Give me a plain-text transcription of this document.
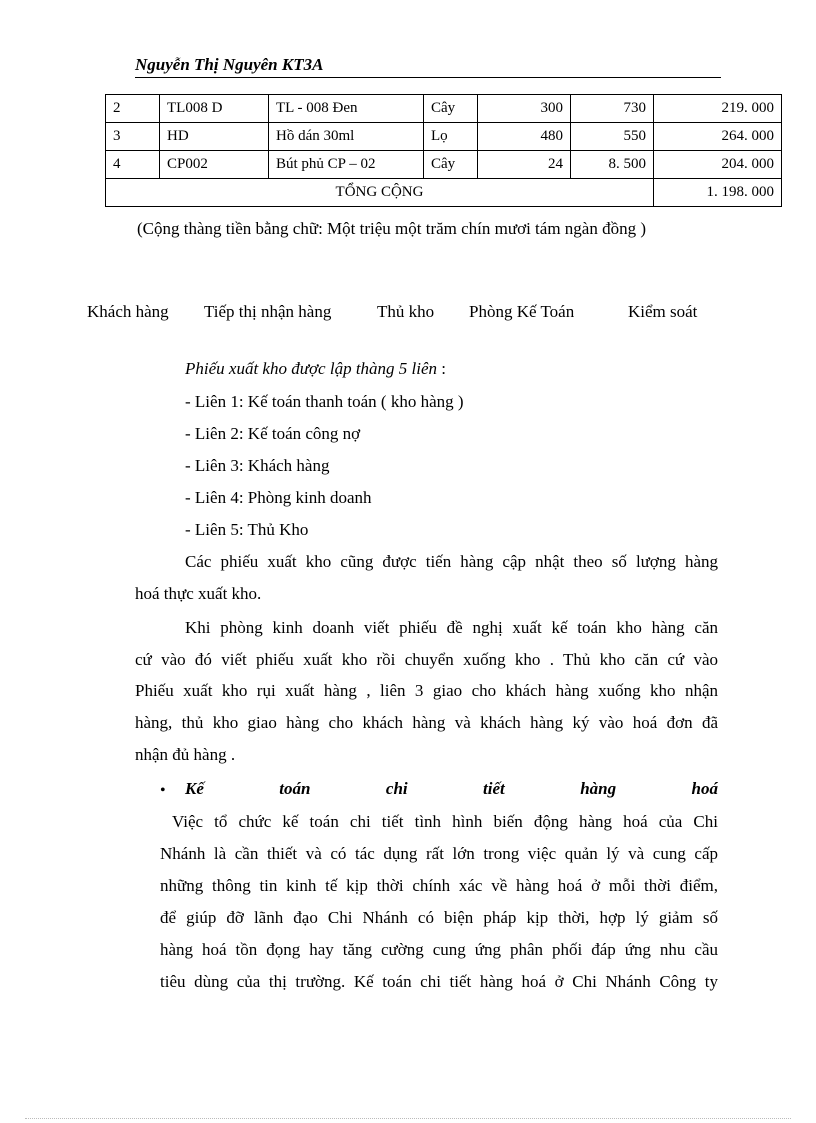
Nguyễn Thị Nguyên KT3A
2	TL008 D	TL - 008 Đen	Cây	300	730	219. 000
3	HD	Hồ dán 30ml	Lọ	480	550	264. 000
4	CP002	Bút phủ CP – 02	Cây	24	8. 500	204. 000
TỔNG CỘNG						1. 198. 000
(Cộng thàng tiền bằng chữ: Một triệu một trăm chín mươi tám ngàn đồng )
Khách hàng Tiếp thị nhận hàng	Thủ kho Phòng Kế Toán	Kiểm soát
Phiếu xuất kho được lập thàng 5 liên :
- Liên 1: Kế toán thanh toán ( kho hàng )
- Liên 2: Kế toán công nợ
- Liên 3: Khách hàng
- Liên 4: Phòng kinh doanh
- Liên 5: Thủ Kho
Các phiếu xuất kho cũng được tiến hàng cập nhật theo số lượng hàng
hoá thực xuất kho.
Khi phòng kinh doanh viết phiếu đề nghị xuất kế toán kho hàng căn
cứ vào đó viết phiếu xuất kho rồi chuyển xuống kho . Thủ kho căn cứ vào
Phiếu xuất kho rụi xuất hàng , liên 3 giao cho khách hàng xuống kho nhận
hàng, thủ kho giao hàng cho khách hàng và khách hàng ký vào hoá đơn đã
nhận đủ hàng .
• Kế toán chi tiết hàng hoá
Việc tổ chức kế toán chi tiết tình hình biến động hàng hoá của Chi
Nhánh là cần thiết và có tác dụng rất lớn trong việc quản lý và cung cấp
những thông tin kinh tế kịp thời chính xác về hàng hoá ở mỗi thời điểm,
để giúp đỡ lãnh đạo Chi Nhánh có biện pháp kịp thời, hợp lý giảm số
hàng hoá tồn đọng hay tăng cường cung ứng phân phối đáp ứng nhu cầu
tiêu dùng của thị trường. Kế toán chi tiết hàng hoá ở Chi Nhánh Công ty
